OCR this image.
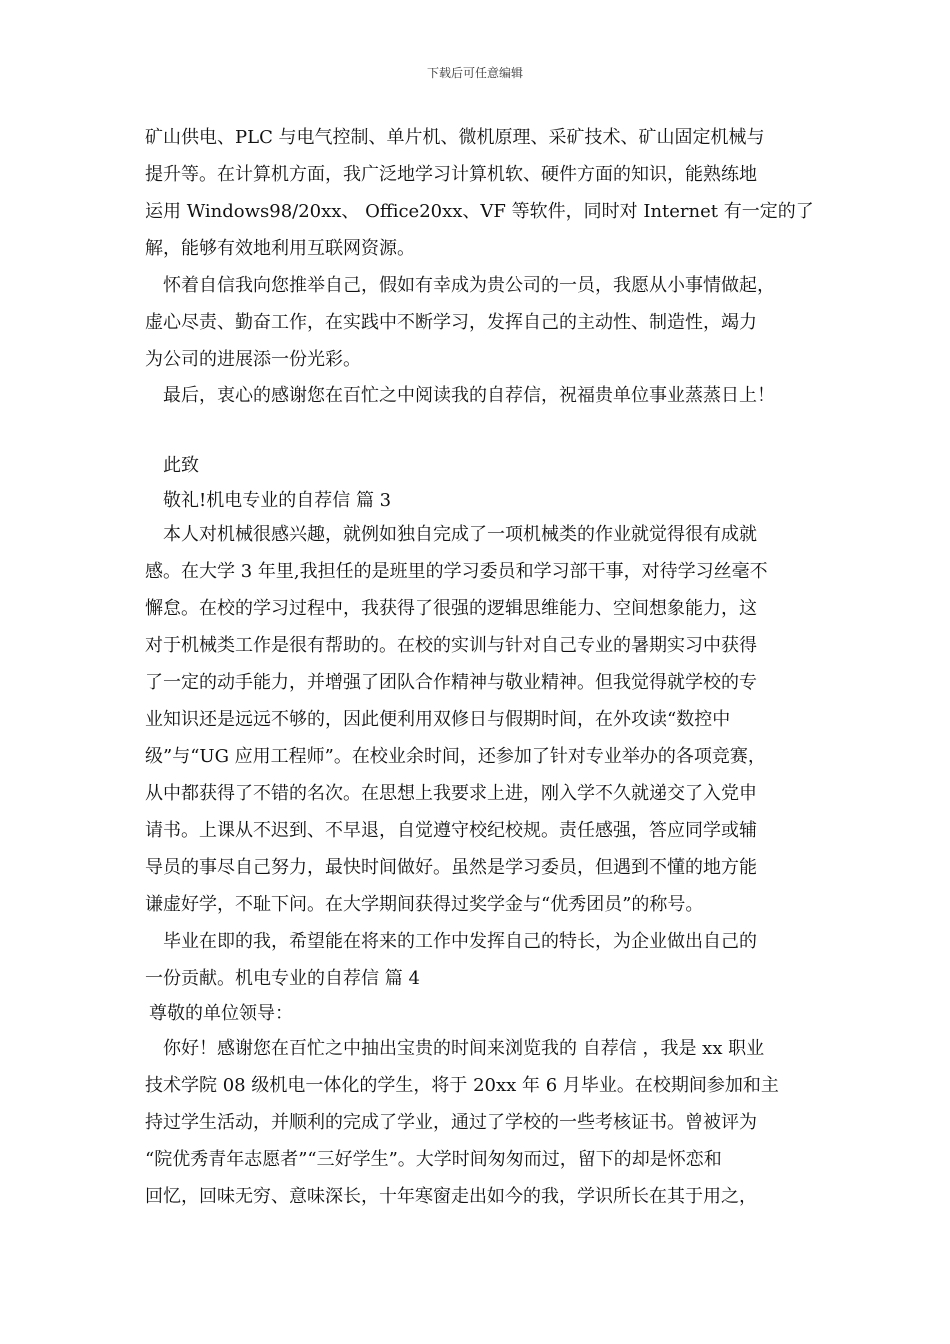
下载后可任意编辑
矿山供电、PLC 与电气控制、单片机、微机原理、采矿技术、矿山固定机械与
提升等。在计算机方面，我广泛地学习计算机软、硬件方面的知识，能熟练地
运用 Windows98/20xx、 Office20xx、VF 等软件，同时对 Internet 有一定的了
解，能够有效地利用互联网资源。
怀着自信我向您推举自己，假如有幸成为贵公司的一员，我愿从小事情做起，
虚心尽责、勤奋工作，在实践中不断学习，发挥自己的主动性、制造性，竭力
为公司的进展添一份光彩。
最后，衷心的感谢您在百忙之中阅读我的自荐信，祝福贵单位事业蒸蒸日上！
此致
敬礼!机电专业的自荐信 篇 3
本人对机械很感兴趣，就例如独自完成了一项机械类的作业就觉得很有成就
感。在大学 3 年里,我担任的是班里的学习委员和学习部干事，对待学习丝毫不
懈怠。在校的学习过程中，我获得了很强的逻辑思维能力、空间想象能力，这
对于机械类工作是很有帮助的。在校的实训与针对自己专业的暑期实习中获得
了一定的动手能力，并增强了团队合作精神与敬业精神。但我觉得就学校的专
业知识还是远远不够的，因此便利用双修日与假期时间，在外攻读“数控中
级”与“UG 应用工程师”。在校业余时间，还参加了针对专业举办的各项竞赛，
从中都获得了不错的名次。在思想上我要求上进，刚入学不久就递交了入党申
请书。上课从不迟到、不早退，自觉遵守校纪校规。责任感强，答应同学或辅
导员的事尽自己努力，最快时间做好。虽然是学习委员，但遇到不懂的地方能
谦虚好学，不耻下问。在大学期间获得过奖学金与“优秀团员”的称号。
毕业在即的我，希望能在将来的工作中发挥自己的特长，为企业做出自己的
一份贡献。机电专业的自荐信 篇 4
尊敬的单位领导：
你好！感谢您在百忙之中抽出宝贵的时间来浏览我的 自荐信 ，我是 xx 职业
技术学院 08 级机电一体化的学生，将于 20xx 年 6 月毕业。在校期间参加和主
持过学生活动，并顺利的完成了学业，通过了学校的一些考核证书。曾被评为
“院优秀青年志愿者”“三好学生”。大学时间匆匆而过，留下的却是怀恋和
回忆，回味无穷、意味深长，十年寒窗走出如今的我，学识所长在其于用之，
